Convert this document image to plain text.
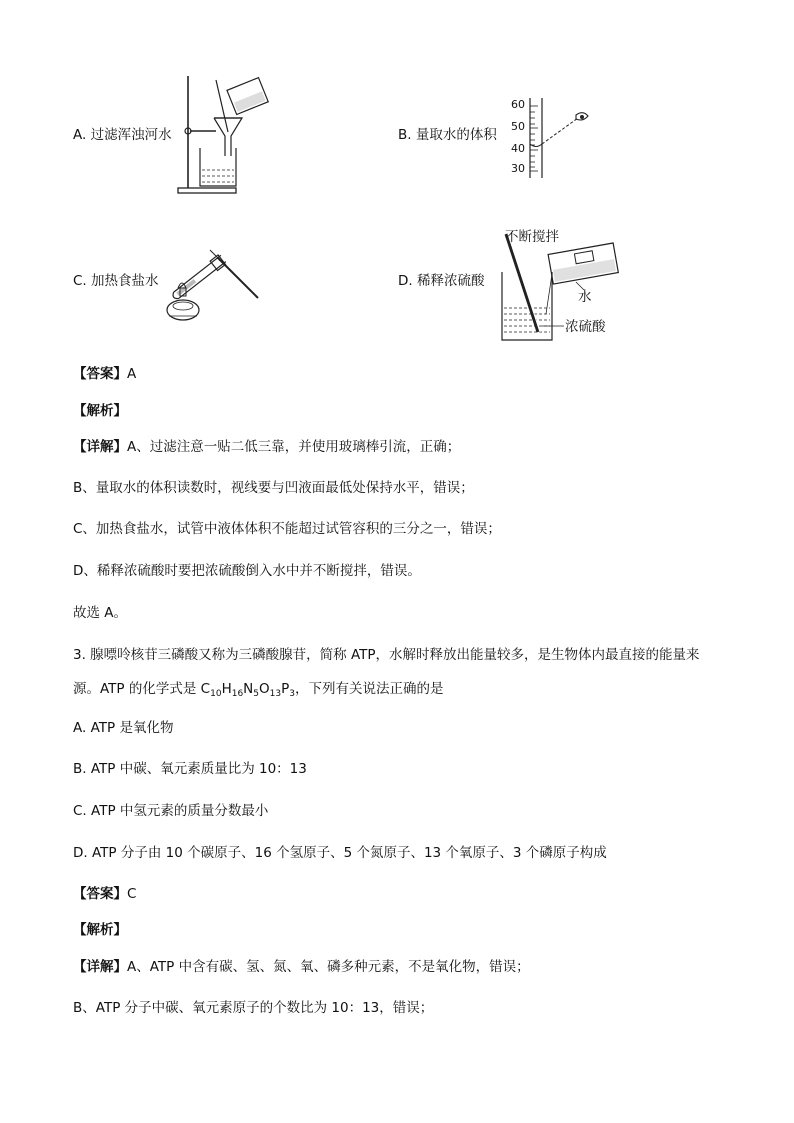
A. 过滤浑浊河水	B. 量取水的体积
60
50
40
30
C. 加热食盐水	D. 稀释浓硫酸
不断搅拌
水
浓硫酸
【答案】A
【解析】
【详解】A、过滤注意一贴二低三靠，并使用玻璃棒引流，正确；
B、量取水的体积读数时，视线要与凹液面最低处保持水平，错误；
C、加热食盐水，试管中液体体积不能超过试管容积的三分之一，错误；
D、稀释浓硫酸时要把浓硫酸倒入水中并不断搅拌，错误。
故选 A。
3. 腺嘌呤核苷三磷酸又称为三磷酸腺苷，简称 ATP，水解时释放出能量较多，是生物体内最直接的能量来
源。ATP 的化学式是 $C_{10}H_{16}N_5O_{13}P_3$，下列有关说法正确的是
A. ATP 是氧化物
B. ATP 中碳、氧元素质量比为 10：13
C. ATP 中氢元素的质量分数最小
D. ATP 分子由 10 个碳原子、16 个氢原子、5 个氮原子、13 个氧原子、3 个磷原子构成
【答案】C
【解析】
【详解】A、ATP 中含有碳、氢、氮、氧、磷多种元素，不是氧化物，错误；
B、ATP 分子中碳、氧元素原子的个数比为 10：13，错误；
